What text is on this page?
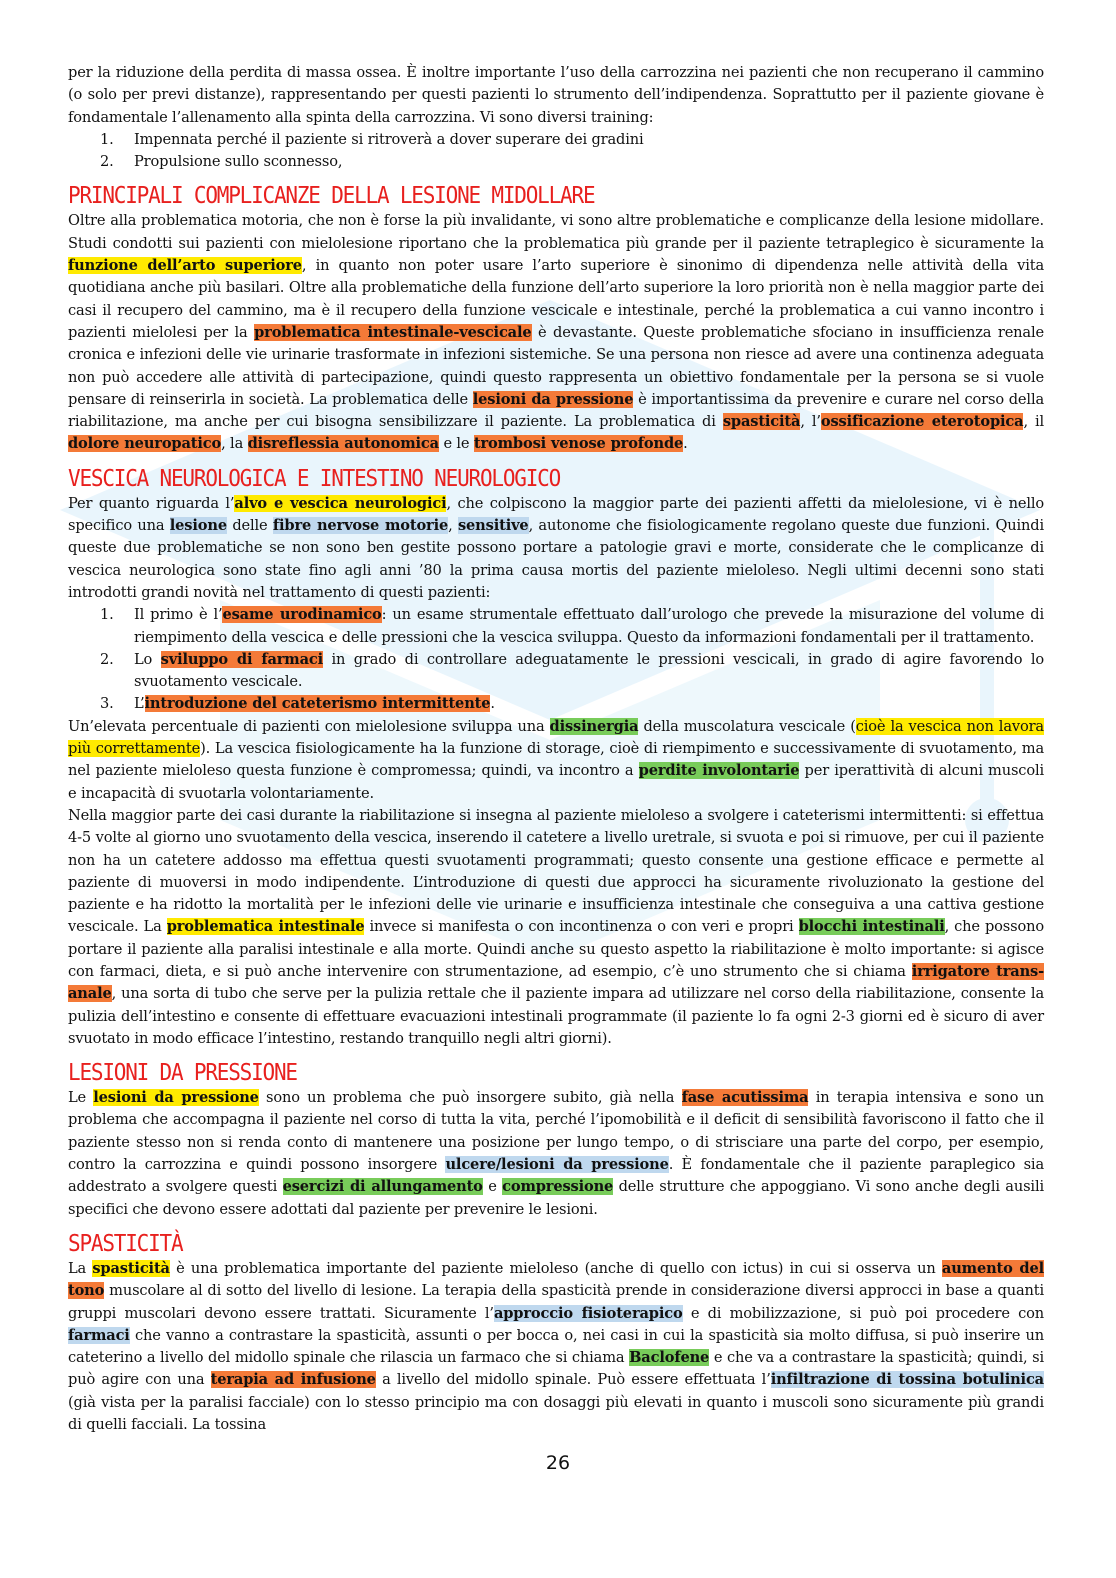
per la riduzione della perdita di massa ossea. È inoltre importante l’uso della carrozzina nei pazienti che non recuperano il cammino (o solo per previ distanze), rappresentando per questi pazienti lo strumento dell’indipendenza. Soprattutto per il paziente giovane è fondamentale l’allenamento alla spinta della carrozzina. Vi sono diversi training:

1. Impennata perché il paziente si ritroverà a dover superare dei gradini
2. Propulsione sullo sconnesso,
PRINCIPALI COMPLICANZE DELLA LESIONE MIDOLLARE

Oltre alla problematica motoria, che non è forse la più invalidante, vi sono altre problematiche e complicanze della lesione midollare. Studi condotti sui pazienti con mielolesione riportano che la problematica più grande per il paziente tetraplegico è sicuramente la funzione dell’arto superiore, in quanto non poter usare l’arto superiore è sinonimo di dipendenza nelle attività della vita quotidiana anche più basilari. Oltre alla problematiche della funzione dell’arto superiore la loro priorità non è nella maggior parte dei casi il recupero del cammino, ma è il recupero della funzione vescicale e intestinale, perché la problematica a cui vanno incontro i pazienti mielolesi per la problematica intestinale-vescicale è devastante. Queste problematiche sfociano in insufficienza renale cronica e infezioni delle vie urinarie trasformate in infezioni sistemiche. Se una persona non riesce ad avere una continenza adeguata non può accedere alle attività di partecipazione, quindi questo rappresenta un obiettivo fondamentale per la persona se si vuole pensare di reinserirla in società. La problematica delle lesioni da pressione è importantissima da prevenire e curare nel corso della riabilitazione, ma anche per cui bisogna sensibilizzare il paziente. La problematica di spasticità, l’ossificazione eterotopica, il dolore neuropatico, la disreflessia autonomica e le trombosi venose profonde.

VESCICA NEUROLOGICA E INTESTINO NEUROLOGICO

Per quanto riguarda l’alvo e vescica neurologici, che colpiscono la maggior parte dei pazienti affetti da mielolesione, vi è nello specifico una lesione delle fibre nervose motorie, sensitive, autonome che fisiologicamente regolano queste due funzioni. Quindi queste due problematiche se non sono ben gestite possono portare a patologie gravi e morte, considerate che le complicanze di vescica neurologica sono state fino agli anni ’80 la prima causa mortis del paziente mieloleso. Negli ultimi decenni sono stati introdotti grandi novità nel trattamento di questi pazienti:

1. Il primo è l’esame urodinamico: un esame strumentale effettuato dall’urologo che prevede la misurazione del volume di riempimento della vescica e delle pressioni che la vescica sviluppa. Questo da informazioni fondamentali per il trattamento.
2. Lo sviluppo di farmaci in grado di controllare adeguatamente le pressioni vescicali, in grado di agire favorendo lo svuotamento vescicale.
3. L’introduzione del cateterismo intermittente.

Un’elevata percentuale di pazienti con mielolesione sviluppa una dissinergia della muscolatura vescicale (cioè la vescica non lavora più correttamente). La vescica fisiologicamente ha la funzione di storage, cioè di riempimento e successivamente di svuotamento, ma nel paziente mieloleso questa funzione è compromessa; quindi, va incontro a perdite involontarie per iperattività di alcuni muscoli e incapacità di svuotarla volontariamente.

Nella maggior parte dei casi durante la riabilitazione si insegna al paziente mieloleso a svolgere i cateterismi intermittenti: si effettua 4-5 volte al giorno uno svuotamento della vescica, inserendo il catetere a livello uretrale, si svuota e poi si rimuove, per cui il paziente non ha un catetere addosso ma effettua questi svuotamenti programmati; questo consente una gestione efficace e permette al paziente di muoversi in modo indipendente. L’introduzione di questi due approcci ha sicuramente rivoluzionato la gestione del paziente e ha ridotto la mortalità per le infezioni delle vie urinarie e insufficienza intestinale che conseguiva a una cattiva gestione vescicale. La problematica intestinale invece si manifesta o con incontinenza o con veri e propri blocchi intestinali, che possono portare il paziente alla paralisi intestinale e alla morte. Quindi anche su questo aspetto la riabilitazione è molto importante: si agisce con farmaci, dieta, e si può anche intervenire con strumentazione, ad esempio, c’è uno strumento che si chiama irrigatore trans-anale, una sorta di tubo che serve per la pulizia rettale che il paziente impara ad utilizzare nel corso della riabilitazione, consente la pulizia dell’intestino e consente di effettuare evacuazioni intestinali programmate (il paziente lo fa ogni 2-3 giorni ed è sicuro di aver svuotato in modo efficace l’intestino, restando tranquillo negli altri giorni).

LESIONI DA PRESSIONE

Le lesioni da pressione sono un problema che può insorgere subito, già nella fase acutissima in terapia intensiva e sono un problema che accompagna il paziente nel corso di tutta la vita, perché l’ipomobilità e il deficit di sensibilità favoriscono il fatto che il paziente stesso non si renda conto di mantenere una posizione per lungo tempo, o di strisciare una parte del corpo, per esempio, contro la carrozzina e quindi possono insorgere ulcere/lesioni da pressione. È fondamentale che il paziente paraplegico sia addestrato a svolgere questi esercizi di allungamento e compressione delle strutture che appoggiano. Vi sono anche degli ausili specifici che devono essere adottati dal paziente per prevenire le lesioni.

SPASTICITÀ

La spasticità è una problematica importante del paziente mieloleso (anche di quello con ictus) in cui si osserva un aumento del tono muscolare al di sotto del livello di lesione. La terapia della spasticità prende in considerazione diversi approcci in base a quanti gruppi muscolari devono essere trattati. Sicuramente l’approccio fisioterapico e di mobilizzazione, si può poi procedere con farmaci che vanno a contrastare la spasticità, assunti o per bocca o, nei casi in cui la spasticità sia molto diffusa, si può inserire un cateterino a livello del midollo spinale che rilascia un farmaco che si chiama Baclofene e che va a contrastare la spasticità; quindi, si può agire con una terapia ad infusione a livello del midollo spinale. Può essere effettuata l’infiltrazione di tossina botulinica (già vista per la paralisi facciale) con lo stesso principio ma con dosaggi più elevati in quanto i muscoli sono sicuramente più grandi di quelli facciali. La tossina

26
